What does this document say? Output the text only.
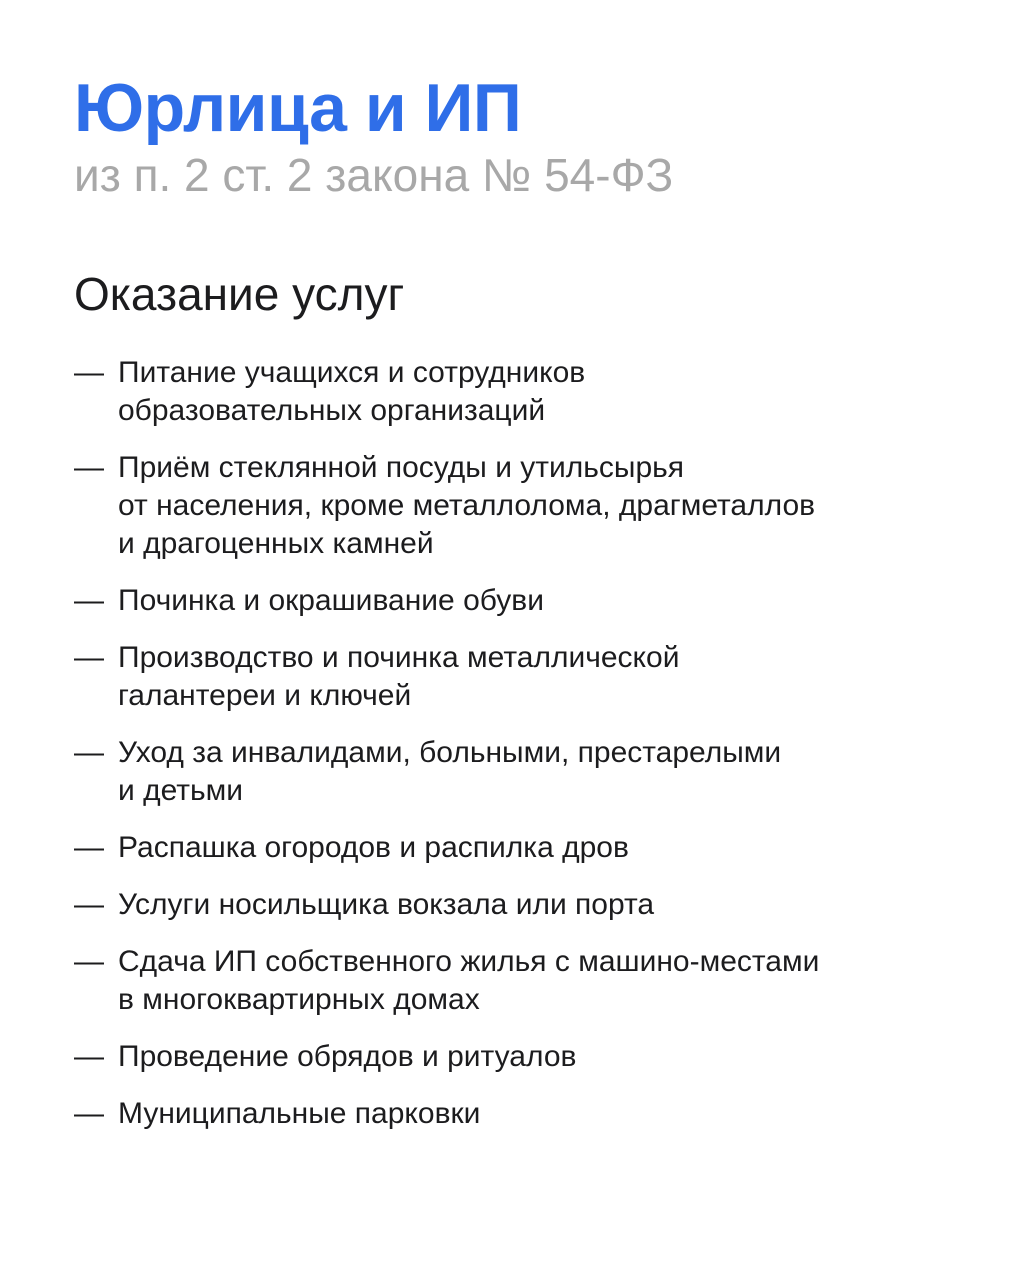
Юрлица и ИП
из п. 2 ст. 2 закона № 54-ФЗ
Оказание услуг
— Питание учащихся и сотрудников
образовательных организаций
— Приём стеклянной посуды и утильсырья
от населения, кроме металлолома, драгметаллов
и драгоценных камней
— Починка и окрашивание обуви
— Производство и починка металлической
галантереи и ключей
— Уход за инвалидами, больными, престарелыми
и детьми
— Распашка огородов и распилка дров
— Услуги носильщика вокзала или порта
— Сдача ИП собственного жилья с машино-местами
в многоквартирных домах
— Проведение обрядов и ритуалов
— Муниципальные парковки
